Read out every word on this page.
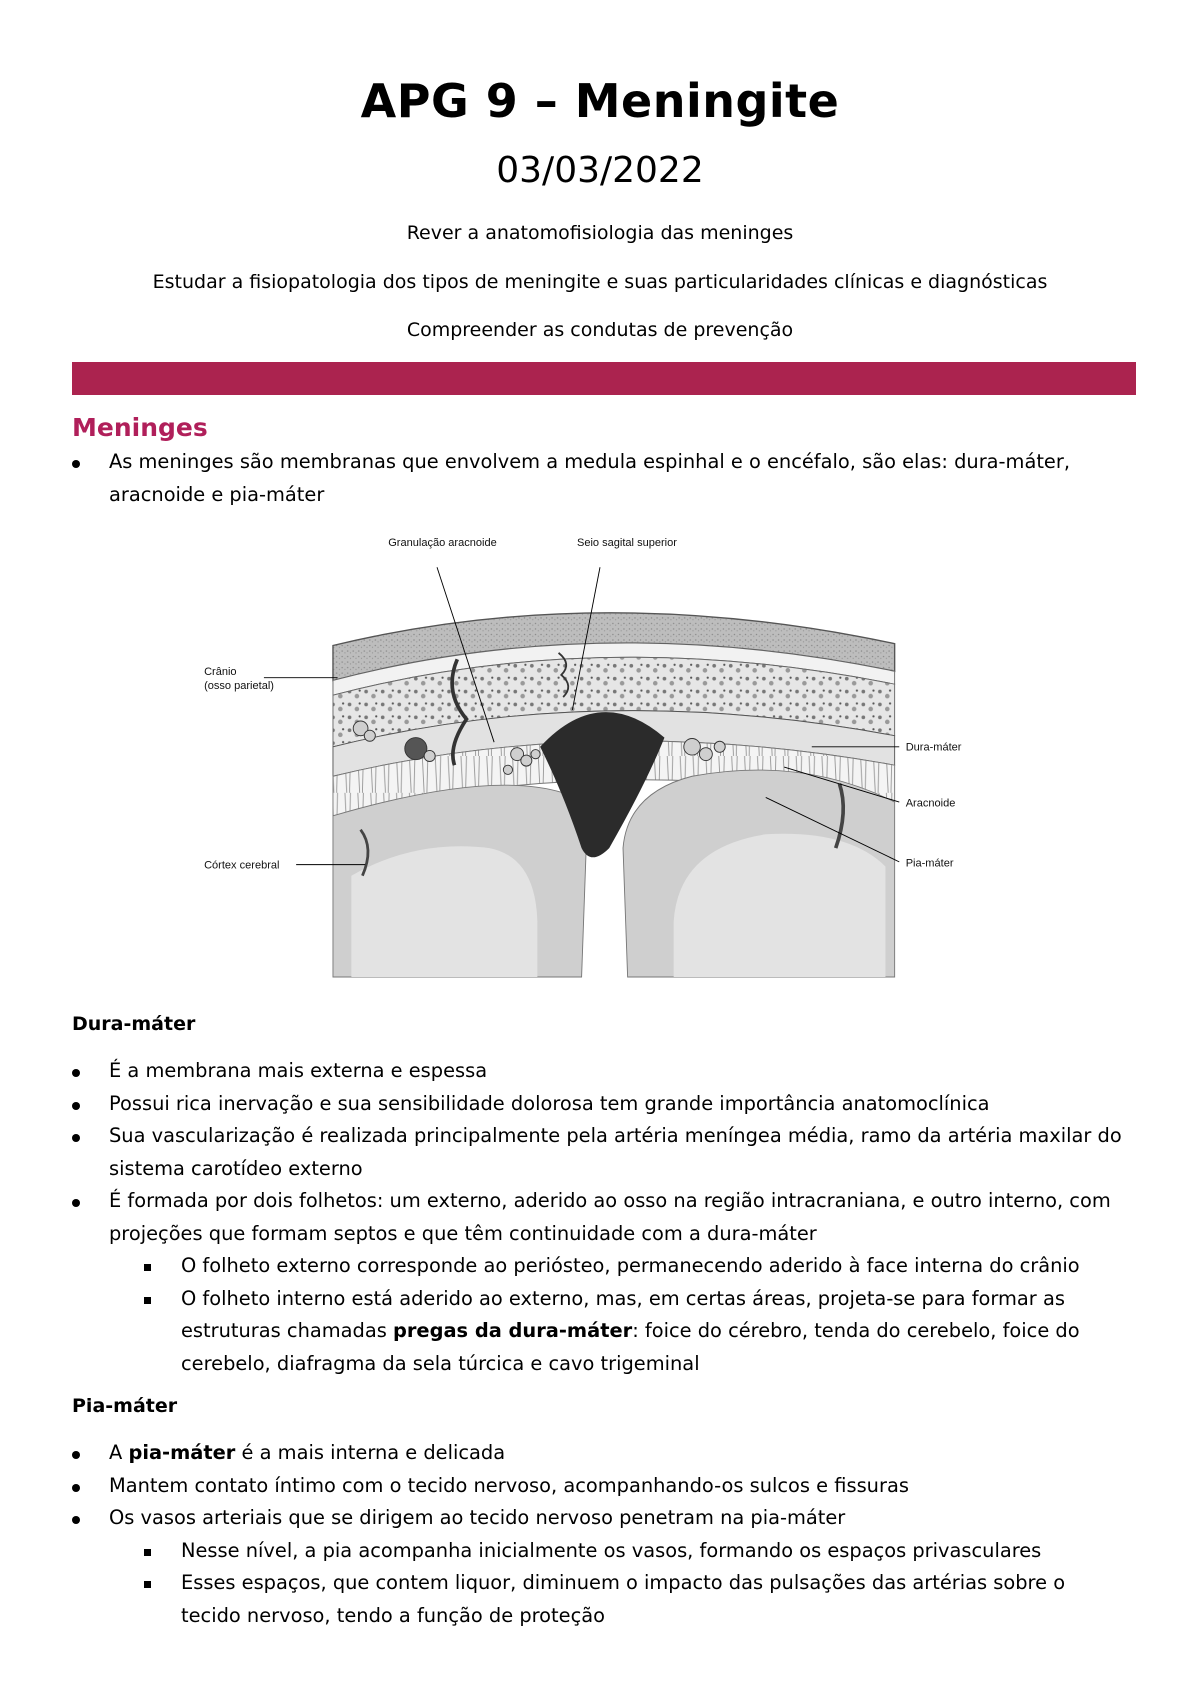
APG 9 – Meningite
03/03/2022
Rever a anatomofisiologia das meninges
Estudar a fisiopatologia dos tipos de meningite e suas particularidades clínicas e diagnósticas
Compreender as condutas de prevenção
Meninges
As meninges são membranas que envolvem a medula espinhal e o encéfalo, são elas: dura-máter,
aracnoide e pia-máter
Granulação aracnoide	Seio sagital superior
Crânio
(osso parietal)
Córtex cerebral
Dura-máter
Aracnoide
Pia-máter
Dura-máter
É a membrana mais externa e espessa
Possui rica inervação e sua sensibilidade dolorosa tem grande importância anatomoclínica
Sua vascularização é realizada principalmente pela artéria meníngea média, ramo da artéria maxilar do
sistema carotídeo externo
É formada por dois folhetos: um externo, aderido ao osso na região intracraniana, e outro interno, com
projeções que formam septos e que têm continuidade com a dura-máter
O folheto externo corresponde ao periósteo, permanecendo aderido à face interna do crânio
O folheto interno está aderido ao externo, mas, em certas áreas, projeta-se para formar as
estruturas chamadas pregas da dura-máter: foice do cérebro, tenda do cerebelo, foice do
cerebelo, diafragma da sela túrcica e cavo trigeminal
Pia-máter
A pia-máter é a mais interna e delicada
Mantem contato íntimo com o tecido nervoso, acompanhando-os sulcos e fissuras
Os vasos arteriais que se dirigem ao tecido nervoso penetram na pia-máter
Nesse nível, a pia acompanha inicialmente os vasos, formando os espaços privasculares
Esses espaços, que contem liquor, diminuem o impacto das pulsações das artérias sobre o
tecido nervoso, tendo a função de proteção
